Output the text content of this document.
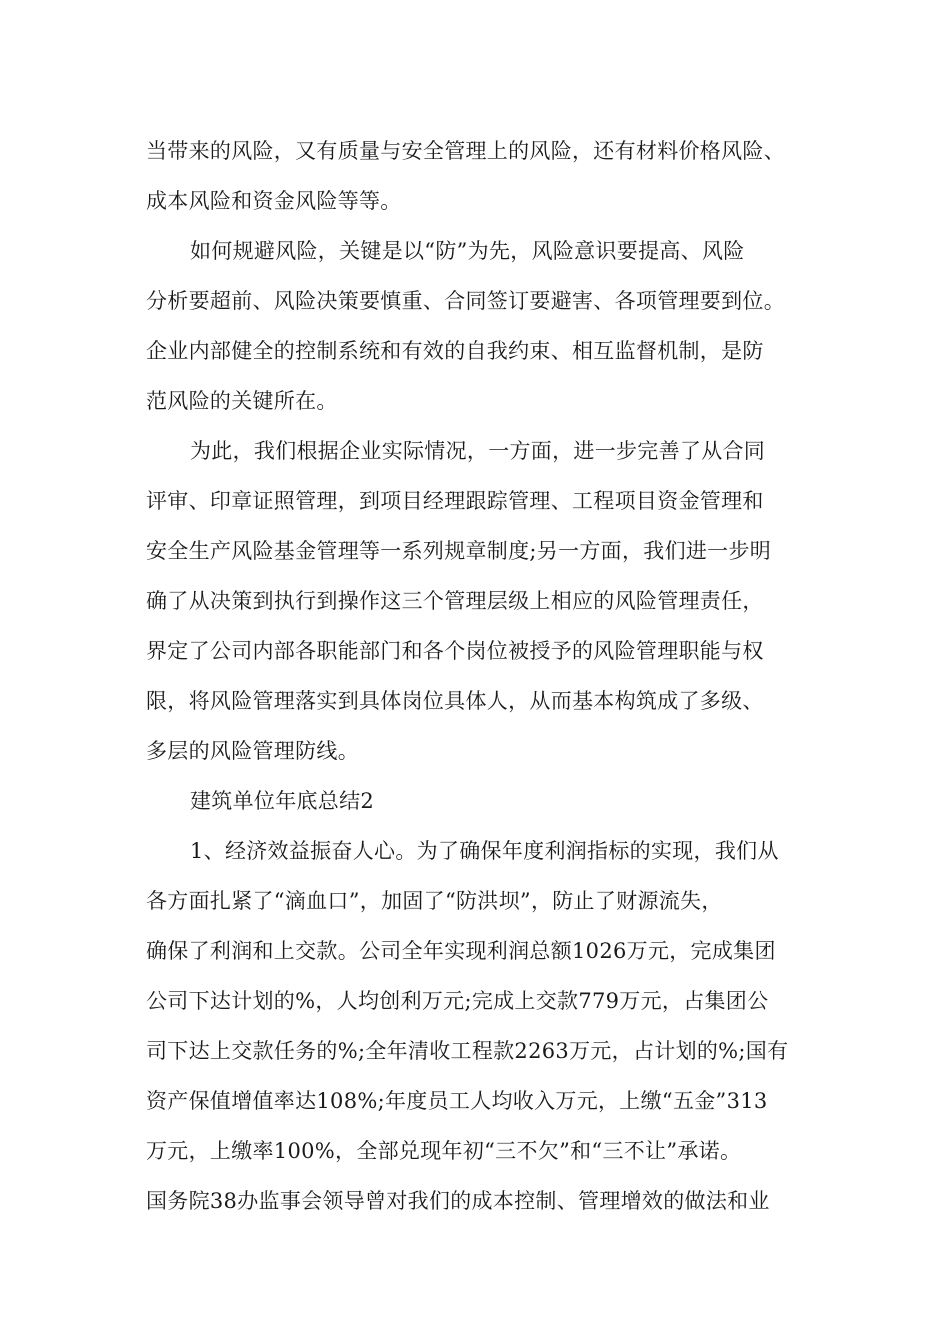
当带来的风险，又有质量与安全管理上的风险，还有材料价格风险、
成本风险和资金风险等等。
如何规避风险，关键是以“防”为先，风险意识要提高、风险
分析要超前、风险决策要慎重、合同签订要避害、各项管理要到位。
企业内部健全的控制系统和有效的自我约束、相互监督机制，是防
范风险的关键所在。
为此，我们根据企业实际情况，一方面，进一步完善了从合同
评审、印章证照管理，到项目经理跟踪管理、工程项目资金管理和
安全生产风险基金管理等一系列规章制度;另一方面，我们进一步明
确了从决策到执行到操作这三个管理层级上相应的风险管理责任，
界定了公司内部各职能部门和各个岗位被授予的风险管理职能与权
限，将风险管理落实到具体岗位具体人，从而基本构筑成了多级、
多层的风险管理防线。
建筑单位年底总结2
1、经济效益振奋人心。为了确保年度利润指标的实现，我们从
各方面扎紧了“滴血口”，加固了“防洪坝”，防止了财源流失，
确保了利润和上交款。公司全年实现利润总额1026万元，完成集团
公司下达计划的%，人均创利万元;完成上交款779万元，占集团公
司下达上交款任务的%;全年清收工程款2263万元，占计划的%;国有
资产保值增值率达108%;年度员工人均收入万元，上缴“五金”313
万元，上缴率100%，全部兑现年初“三不欠”和“三不让”承诺。
国务院38办监事会领导曾对我们的成本控制、管理增效的做法和业
